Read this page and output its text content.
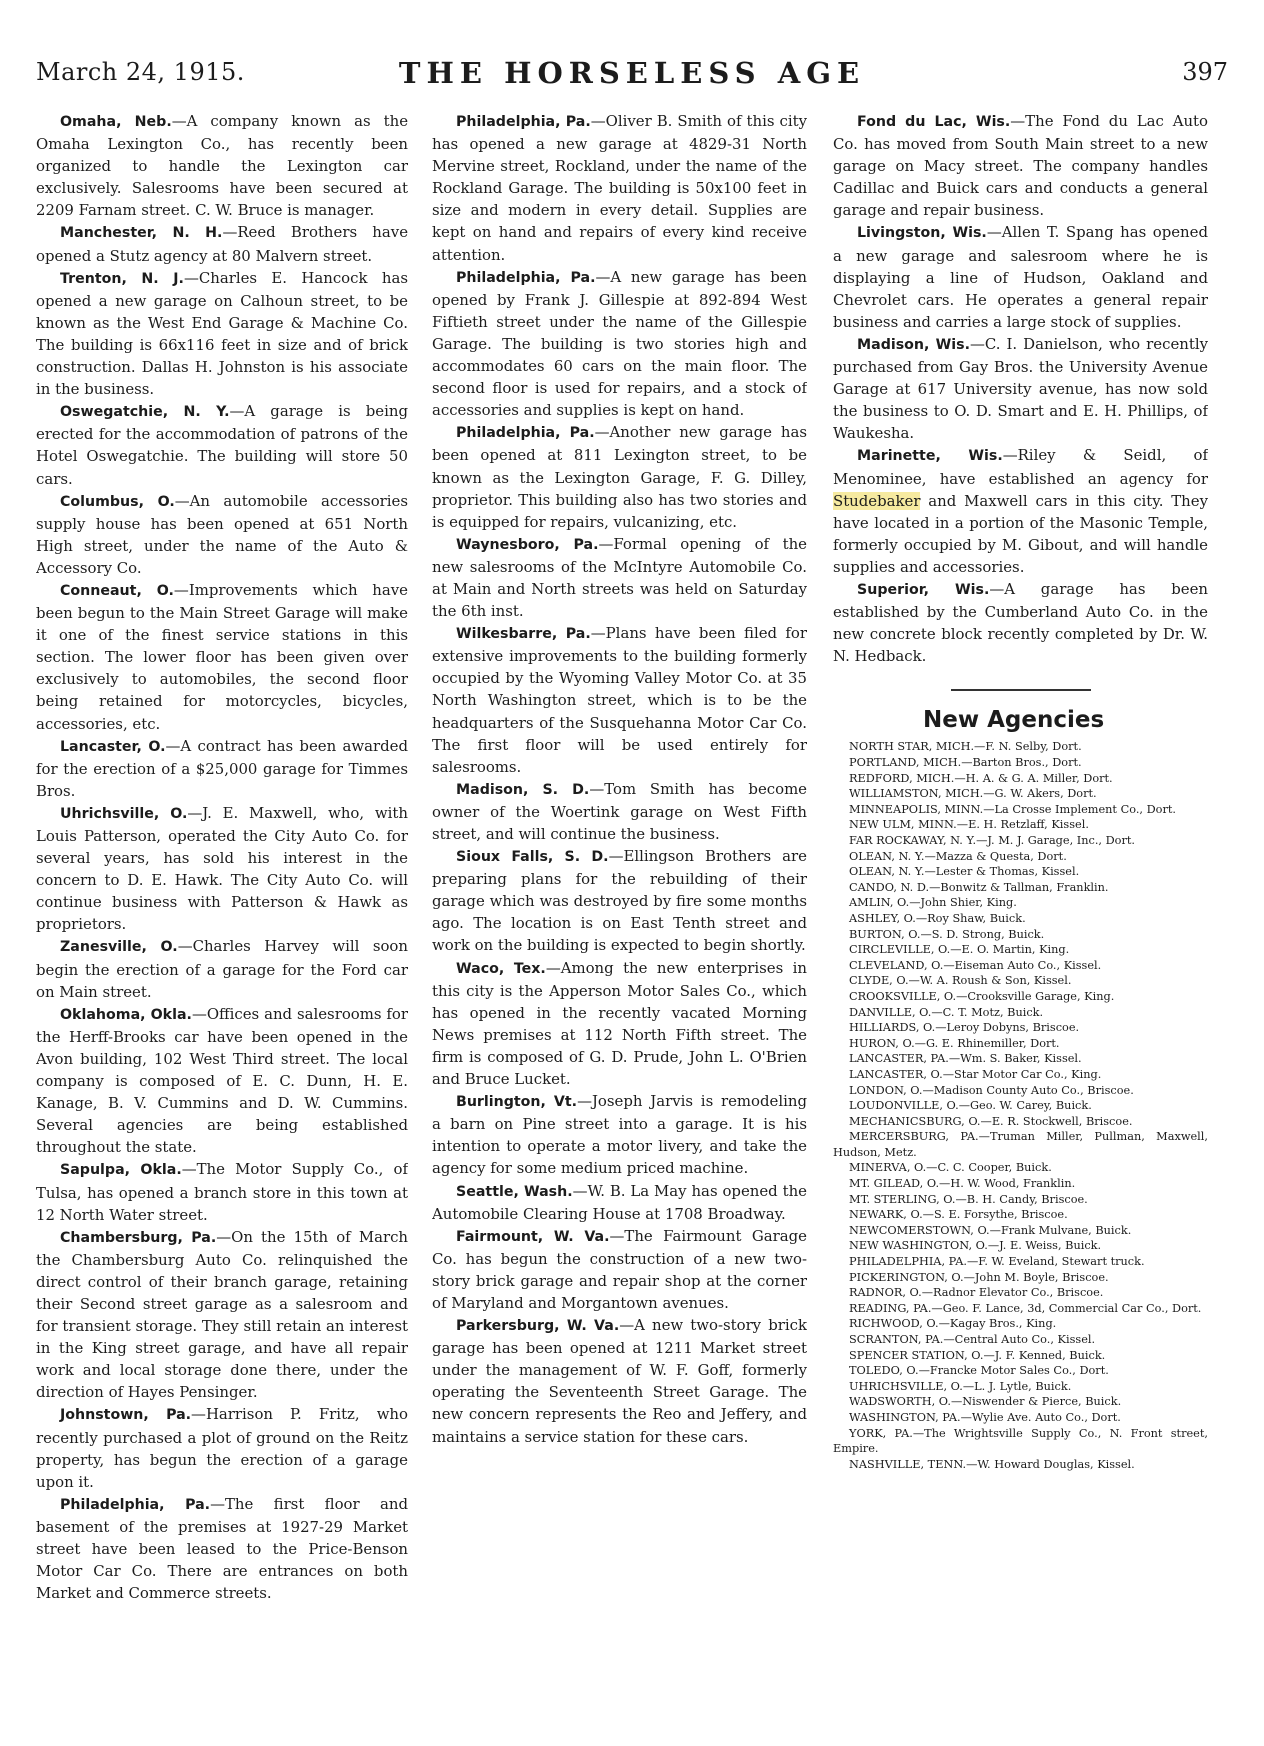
March 24, 1915.	THE HORSELESS AGE	397

Omaha, Neb.—A company known as the Omaha Lexington Co., has recently been organized to handle the Lexington car exclusively. Salesrooms have been secured at 2209 Farnam street. C. W. Bruce is manager.

Manchester, N. H.—Reed Brothers have opened a Stutz agency at 80 Malvern street.

Trenton, N. J.—Charles E. Hancock has opened a new garage on Calhoun street, to be known as the West End Garage & Machine Co. The building is 66x116 feet in size and of brick construction. Dallas H. Johnston is his associate in the business.

Oswegatchie, N. Y.—A garage is being erected for the accommodation of patrons of the Hotel Oswegatchie. The building will store 50 cars.

Columbus, O.—An automobile accessories supply house has been opened at 651 North High street, under the name of the Auto & Accessory Co.

Conneaut, O.—Improvements which have been begun to the Main Street Garage will make it one of the finest service stations in this section. The lower floor has been given over exclusively to automobiles, the second floor being retained for motorcycles, bicycles, accessories, etc.

Lancaster, O.—A contract has been awarded for the erection of a $25,000 garage for Timmes Bros.

Uhrichsville, O.—J. E. Maxwell, who, with Louis Patterson, operated the City Auto Co. for several years, has sold his interest in the concern to D. E. Hawk. The City Auto Co. will continue business with Patterson & Hawk as proprietors.

Zanesville, O.—Charles Harvey will soon begin the erection of a garage for the Ford car on Main street.

Oklahoma, Okla.—Offices and salesrooms for the Herff-Brooks car have been opened in the Avon building, 102 West Third street. The local company is composed of E. C. Dunn, H. E. Kanage, B. V. Cummins and D. W. Cummins. Several agencies are being established throughout the state.

Sapulpa, Okla.—The Motor Supply Co., of Tulsa, has opened a branch store in this town at 12 North Water street.

Chambersburg, Pa.—On the 15th of March the Chambersburg Auto Co. relinquished the direct control of their branch garage, retaining their Second street garage as a salesroom and for transient storage. They still retain an interest in the King street garage, and have all repair work and local storage done there, under the direction of Hayes Pensinger.

Johnstown, Pa.—Harrison P. Fritz, who recently purchased a plot of ground on the Reitz property, has begun the erection of a garage upon it.

Philadelphia, Pa.—The first floor and basement of the premises at 1927-29 Market street have been leased to the Price-Benson Motor Car Co. There are entrances on both Market and Commerce streets.

Philadelphia, Pa.—Oliver B. Smith of this city has opened a new garage at 4829-31 North Mervine street, Rockland, under the name of the Rockland Garage. The building is 50x100 feet in size and modern in every detail. Supplies are kept on hand and repairs of every kind receive attention.

Philadelphia, Pa.—A new garage has been opened by Frank J. Gillespie at 892-894 West Fiftieth street under the name of the Gillespie Garage. The building is two stories high and accommodates 60 cars on the main floor. The second floor is used for repairs, and a stock of accessories and supplies is kept on hand.

Philadelphia, Pa.—Another new garage has been opened at 811 Lexington street, to be known as the Lexington Garage, F. G. Dilley, proprietor. This building also has two stories and is equipped for repairs, vulcanizing, etc.

Waynesboro, Pa.—Formal opening of the new salesrooms of the McIntyre Automobile Co. at Main and North streets was held on Saturday the 6th inst.

Wilkesbarre, Pa.—Plans have been filed for extensive improvements to the building formerly occupied by the Wyoming Valley Motor Co. at 35 North Washington street, which is to be the headquarters of the Susquehanna Motor Car Co. The first floor will be used entirely for salesrooms.

Madison, S. D.—Tom Smith has become owner of the Woertink garage on West Fifth street, and will continue the business.

Sioux Falls, S. D.—Ellingson Brothers are preparing plans for the rebuilding of their garage which was destroyed by fire some months ago. The location is on East Tenth street and work on the building is expected to begin shortly.

Waco, Tex.—Among the new enterprises in this city is the Apperson Motor Sales Co., which has opened in the recently vacated Morning News premises at 112 North Fifth street. The firm is composed of G. D. Prude, John L. O'Brien and Bruce Lucket.

Burlington, Vt.—Joseph Jarvis is remodeling a barn on Pine street into a garage. It is his intention to operate a motor livery, and take the agency for some medium priced machine.

Seattle, Wash.—W. B. La May has opened the Automobile Clearing House at 1708 Broadway.

Fairmount, W. Va.—The Fairmount Garage Co. has begun the construction of a new two-story brick garage and repair shop at the corner of Maryland and Morgantown avenues.

Parkersburg, W. Va.—A new two-story brick garage has been opened at 1211 Market street under the management of W. F. Goff, formerly operating the Seventeenth Street Garage. The new concern represents the Reo and Jeffery, and maintains a service station for these cars.

Fond du Lac, Wis.—The Fond du Lac Auto Co. has moved from South Main street to a new garage on Macy street. The company handles Cadillac and Buick cars and conducts a general garage and repair business.

Livingston, Wis.—Allen T. Spang has opened a new garage and salesroom where he is displaying a line of Hudson, Oakland and Chevrolet cars. He operates a general repair business and carries a large stock of supplies.

Madison, Wis.—C. I. Danielson, who recently purchased from Gay Bros. the University Avenue Garage at 617 University avenue, has now sold the business to O. D. Smart and E. H. Phillips, of Waukesha.

Marinette, Wis.—Riley & Seidl, of Menominee, have established an agency for Studebaker and Maxwell cars in this city. They have located in a portion of the Masonic Temple, formerly occupied by M. Gibout, and will handle supplies and accessories.

Superior, Wis.—A garage has been established by the Cumberland Auto Co. in the new concrete block recently completed by Dr. W. N. Hedback.

New Agencies
NORTH STAR, MICH.—F. N. Selby, Dort.
PORTLAND, MICH.—Barton Bros., Dort.
REDFORD, MICH.—H. A. & G. A. Miller, Dort.
WILLIAMSTON, MICH.—G. W. Akers, Dort.
MINNEAPOLIS, MINN.—La Crosse Implement Co., Dort.
NEW ULM, MINN.—E. H. Retzlaff, Kissel.
FAR ROCKAWAY, N. Y.—J. M. J. Garage, Inc., Dort.
OLEAN, N. Y.—Mazza & Questa, Dort.
OLEAN, N. Y.—Lester & Thomas, Kissel.
CANDO, N. D.—Bonwitz & Tallman, Franklin.
AMLIN, O.—John Shier, King.
ASHLEY, O.—Roy Shaw, Buick.
BURTON, O.—S. D. Strong, Buick.
CIRCLEVILLE, O.—E. O. Martin, King.
CLEVELAND, O.—Eiseman Auto Co., Kissel.
CLYDE, O.—W. A. Roush & Son, Kissel.
CROOKSVILLE, O.—Crooksville Garage, King.
DANVILLE, O.—C. T. Motz, Buick.
HILLIARDS, O.—Leroy Dobyns, Briscoe.
HURON, O.—G. E. Rhinemiller, Dort.
LANCASTER, PA.—Wm. S. Baker, Kissel.
LANCASTER, O.—Star Motor Car Co., King.
LONDON, O.—Madison County Auto Co., Briscoe.
LOUDONVILLE, O.—Geo. W. Carey, Buick.
MECHANICSBURG, O.—E. R. Stockwell, Briscoe.
MERCERSBURG, PA.—Truman Miller, Pullman, Maxwell, Hudson, Metz.
MINERVA, O.—C. C. Cooper, Buick.
MT. GILEAD, O.—H. W. Wood, Franklin.
MT. STERLING, O.—B. H. Candy, Briscoe.
NEWARK, O.—S. E. Forsythe, Briscoe.
NEWCOMERSTOWN, O.—Frank Mulvane, Buick.
NEW WASHINGTON, O.—J. E. Weiss, Buick.
PHILADELPHIA, PA.—F. W. Eveland, Stewart truck.
PICKERINGTON, O.—John M. Boyle, Briscoe.
RADNOR, O.—Radnor Elevator Co., Briscoe.
READING, PA.—Geo. F. Lance, 3d, Commercial Car Co., Dort.
RICHWOOD, O.—Kagay Bros., King.
SCRANTON, PA.—Central Auto Co., Kissel.
SPENCER STATION, O.—J. F. Kenned, Buick.
TOLEDO, O.—Francke Motor Sales Co., Dort.
UHRICHSVILLE, O.—L. J. Lytle, Buick.
WADSWORTH, O.—Niswender & Pierce, Buick.
WASHINGTON, PA.—Wylie Ave. Auto Co., Dort.
YORK, PA.—The Wrightsville Supply Co., N. Front street, Empire.
NASHVILLE, TENN.—W. Howard Douglas, Kissel.
